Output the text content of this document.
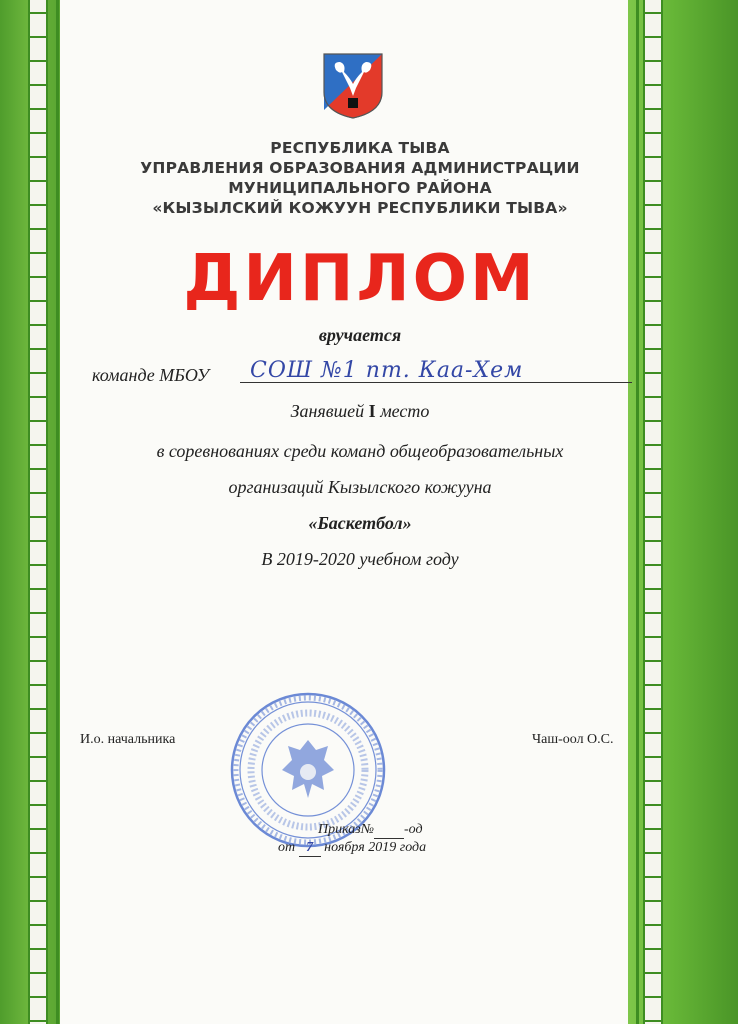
РЕСПУБЛИКА ТЫВА
УПРАВЛЕНИЯ ОБРАЗОВАНИЯ АДМИНИСТРАЦИИ
МУНИЦИПАЛЬНОГО РАЙОНА
«КЫЗЫЛСКИЙ КОЖУУН РЕСПУБЛИКИ ТЫВА»
ДИПЛОМ
вручается
команде МБОУ СОШ №1 пт. Каа-Хем
Занявшей I место
в соревнованиях среди команд общеобразовательных
организаций Кызылского кожууна
«Баскетбол»
В 2019-2020 учебном году
И.о. начальника	Чаш-оол О.С.
Приказ№ -од
от 7 ноября 2019 года
